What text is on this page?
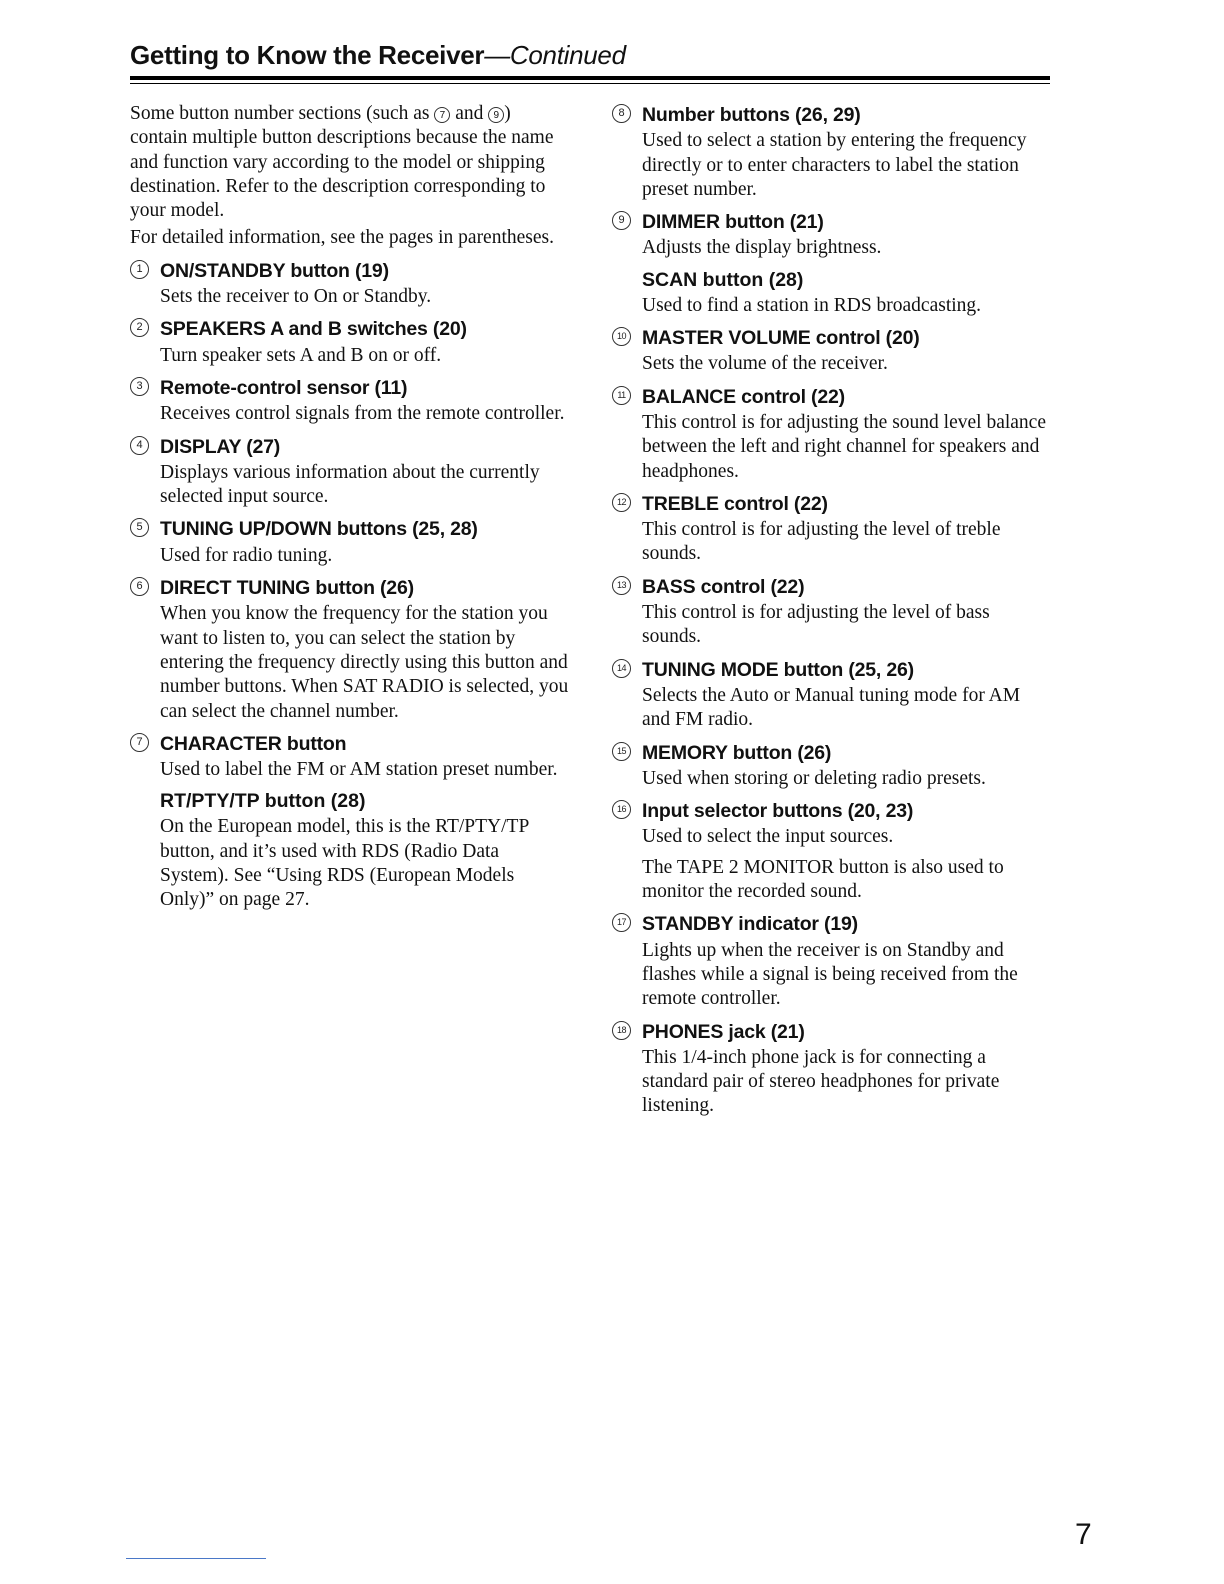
Getting to Know the Receiver—Continued

Some button number sections (such as 7 and 9 ) contain multiple button descriptions because the name and function vary according to the model or shipping destination. Refer to the description corresponding to your model.

For detailed information, see the pages in parentheses.

1 ON/STANDBY button (19)

Sets the receiver to On or Standby.

2 SPEAKERS A and B switches (20)

Turn speaker sets A and B on or off.

3 Remote-control sensor (11)

Receives control signals from the remote controller.

4 DISPLAY (27)

Displays various information about the currently selected input source.

5 TUNING UP/DOWN buttons (25, 28)

Used for radio tuning.

6 DIRECT TUNING button (26)

When you know the frequency for the station you want to listen to, you can select the station by entering the frequency directly using this button and number buttons. When SAT RADIO is selected, you can select the channel number.

7 CHARACTER button

Used to label the FM or AM station preset number.

RT/PTY/TP button (28)

On the European model, this is the RT/PTY/TP button, and it’s used with RDS (Radio Data System). See “Using RDS (European Models Only)” on page 27.

8 Number buttons (26, 29)

Used to select a station by entering the frequency directly or to enter characters to label the station preset number.

9 DIMMER button (21)

Adjusts the display brightness.

SCAN button (28)

Used to find a station in RDS broadcasting.

10 MASTER VOLUME control (20)

Sets the volume of the receiver.

11 BALANCE control (22)

This control is for adjusting the sound level balance between the left and right channel for speakers and headphones.

12 TREBLE control (22)

This control is for adjusting the level of treble sounds.

13 BASS control (22)

This control is for adjusting the level of bass sounds.

14 TUNING MODE button (25, 26)

Selects the Auto or Manual tuning mode for AM and FM radio.

15 MEMORY button (26)

Used when storing or deleting radio presets.

16 Input selector buttons (20, 23)

Used to select the input sources.

The TAPE 2 MONITOR button is also used to monitor the recorded sound.

17 STANDBY indicator (19)

Lights up when the receiver is on Standby and flashes while a signal is being received from the remote controller.

18 PHONES jack (21)

This 1/4-inch phone jack is for connecting a standard pair of stereo headphones for private listening.

7
